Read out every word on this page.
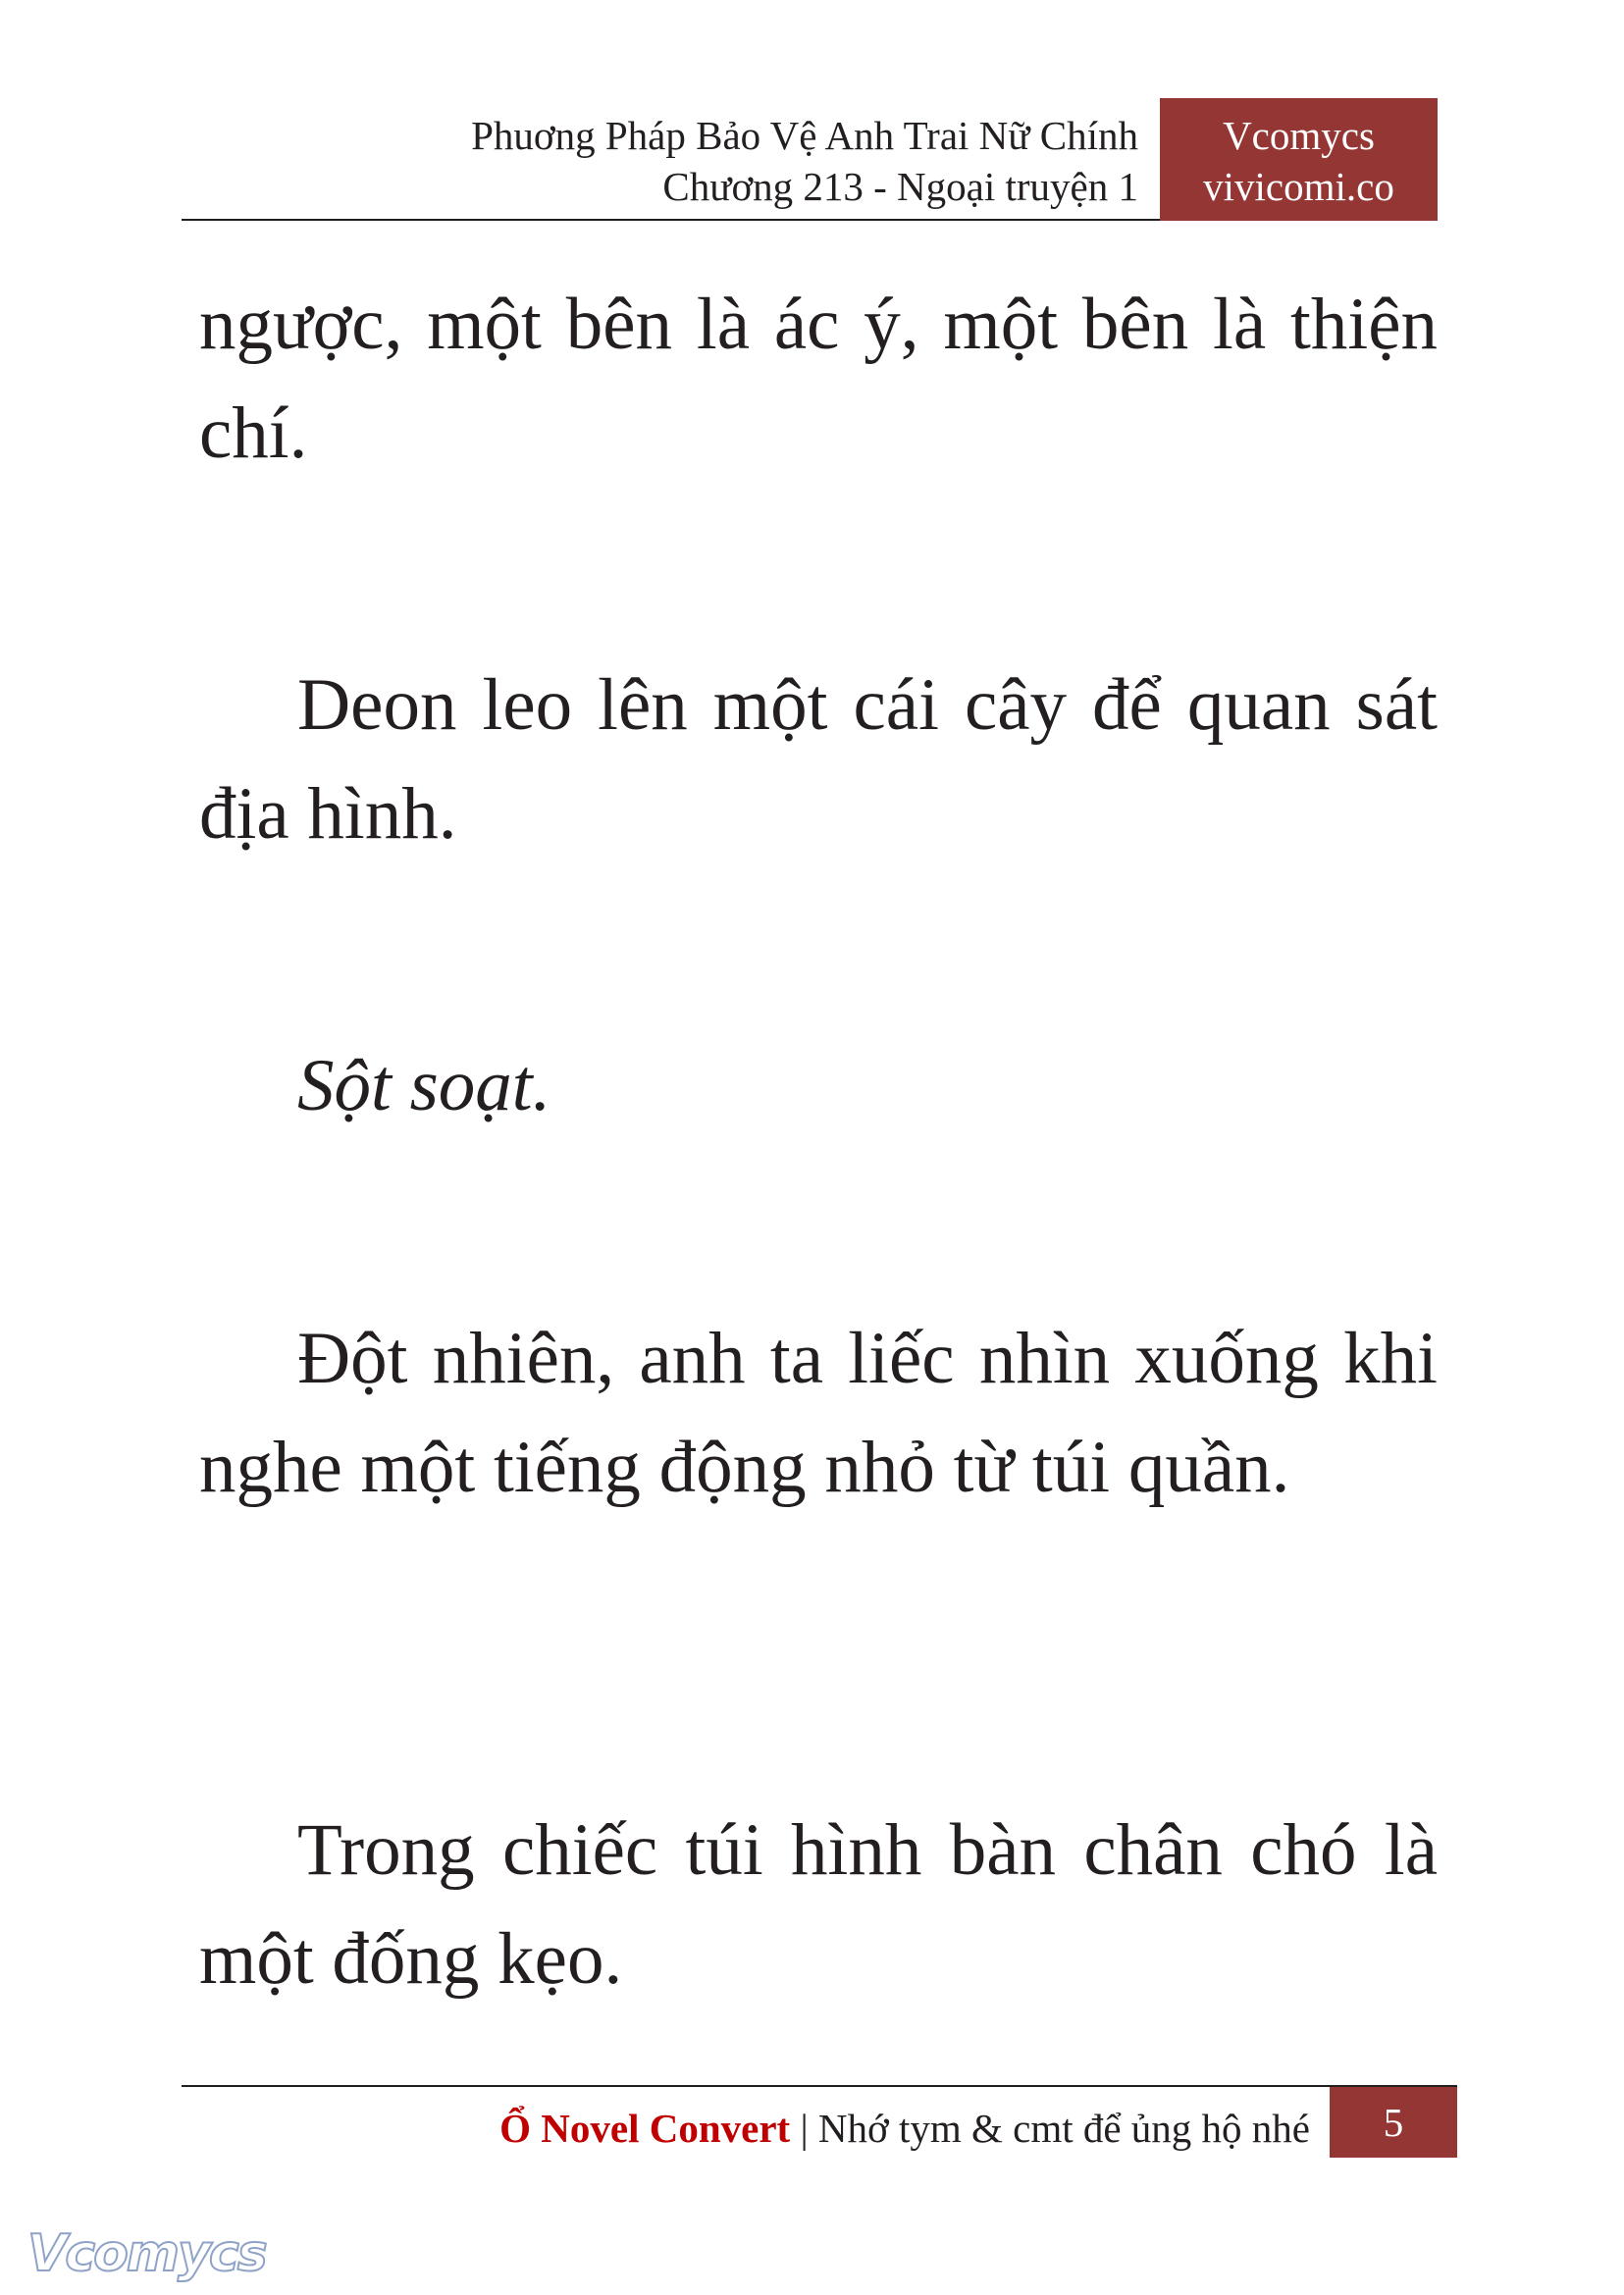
Phuơng Pháp Bảo Vệ Anh Trai Nữ Chính
Chương 213 - Ngoại truyện 1
Vcomycs
vivicomi.co

ngược, một bên là ác ý, một bên là thiện chí.

Deon leo lên một cái cây để quan sát địa hình.

Sột soạt.

Đột nhiên, anh ta liếc nhìn xuống khi nghe một tiếng động nhỏ từ túi quần.

Trong chiếc túi hình bàn chân chó là một đống kẹo.

Ổ Novel Convert | Nhớ tym & cmt để ủng hộ nhé	5
Vcomycs
